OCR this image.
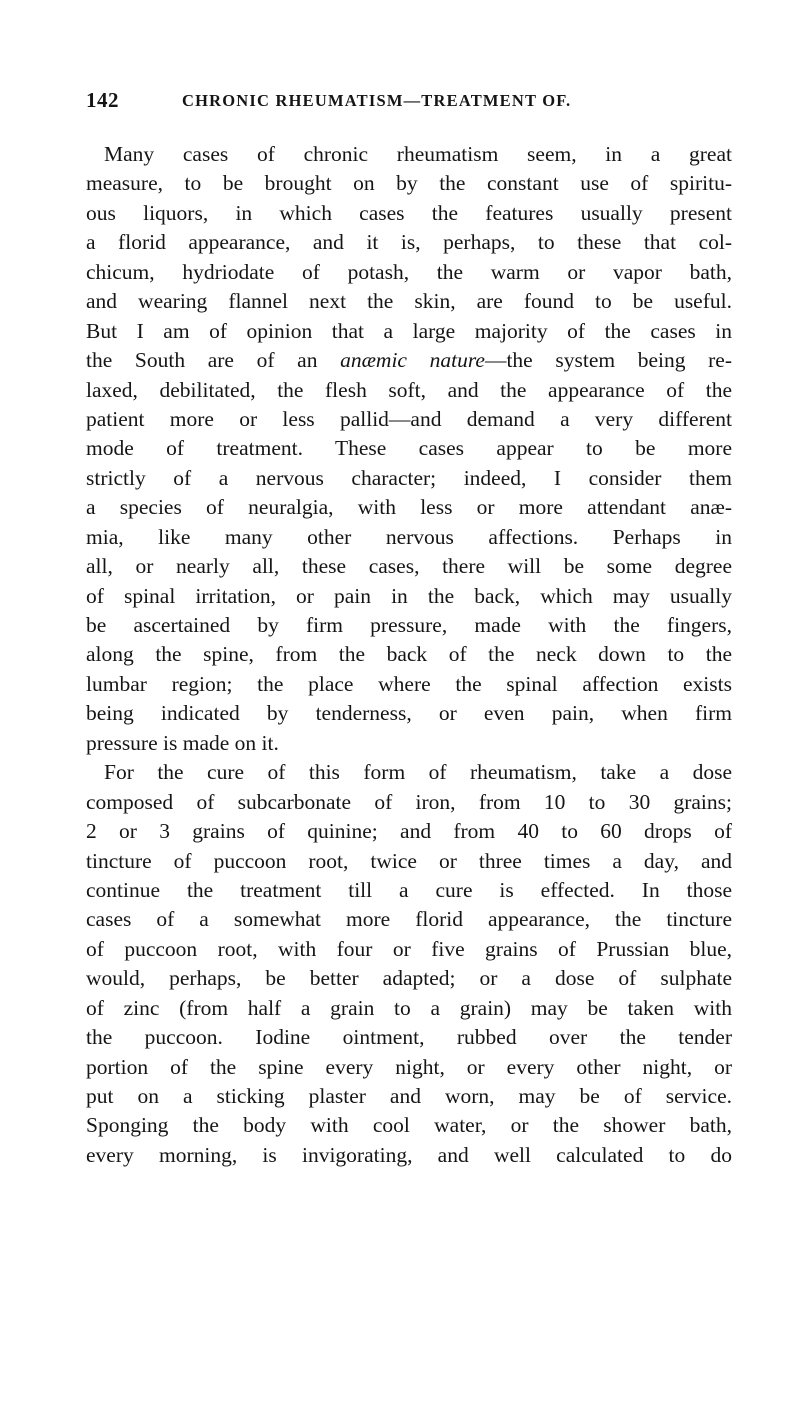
142	CHRONIC RHEUMATISM—TREATMENT OF.
Many cases of chronic rheumatism seem, in a great
measure, to be brought on by the constant use of spiritu-
ous liquors, in which cases the features usually present
a florid appearance, and it is, perhaps, to these that col-
chicum, hydriodate of potash, the warm or vapor bath,
and wearing flannel next the skin, are found to be useful.
But I am of opinion that a large majority of the cases in
the South are of an anæmic nature—the system being re-
laxed, debilitated, the flesh soft, and the appearance of the
patient more or less pallid—and demand a very different
mode of treatment. These cases appear to be more
strictly of a nervous character; indeed, I consider them
a species of neuralgia, with less or more attendant anæ-
mia, like many other nervous affections. Perhaps in
all, or nearly all, these cases, there will be some degree
of spinal irritation, or pain in the back, which may usually
be ascertained by firm pressure, made with the fingers,
along the spine, from the back of the neck down to the
lumbar region; the place where the spinal affection exists
being indicated by tenderness, or even pain, when firm
pressure is made on it.
For the cure of this form of rheumatism, take a dose
composed of subcarbonate of iron, from 10 to 30 grains;
2 or 3 grains of quinine; and from 40 to 60 drops of
tincture of puccoon root, twice or three times a day, and
continue the treatment till a cure is effected. In those
cases of a somewhat more florid appearance, the tincture
of puccoon root, with four or five grains of Prussian blue,
would, perhaps, be better adapted; or a dose of sulphate
of zinc (from half a grain to a grain) may be taken with
the puccoon. Iodine ointment, rubbed over the tender
portion of the spine every night, or every other night, or
put on a sticking plaster and worn, may be of service.
Sponging the body with cool water, or the shower bath,
every morning, is invigorating, and well calculated to do
